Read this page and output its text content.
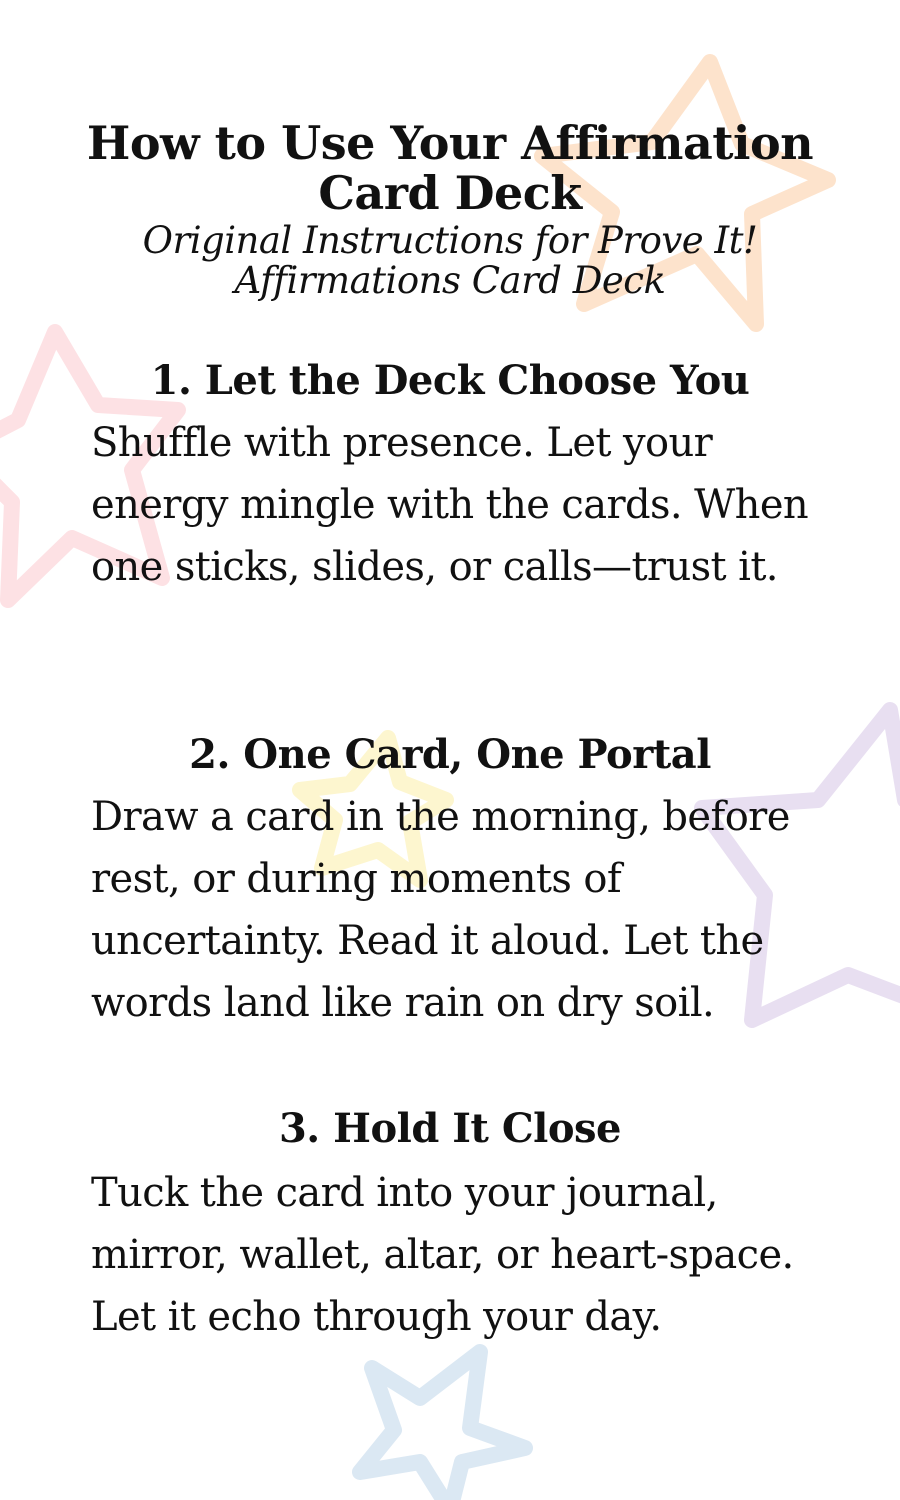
How to Use Your Affirmation Card Deck

Original Instructions for Prove It! Affirmations Card Deck

1. Let the Deck Choose You

Shuffle with presence. Let your energy mingle with the cards. When one sticks, slides, or calls—trust it.

2. One Card, One Portal

Draw a card in the morning, before rest, or during moments of uncertainty. Read it aloud. Let the words land like rain on dry soil.

3. Hold It Close

Tuck the card into your journal, mirror, wallet, altar, or heart-space. Let it echo through your day.
